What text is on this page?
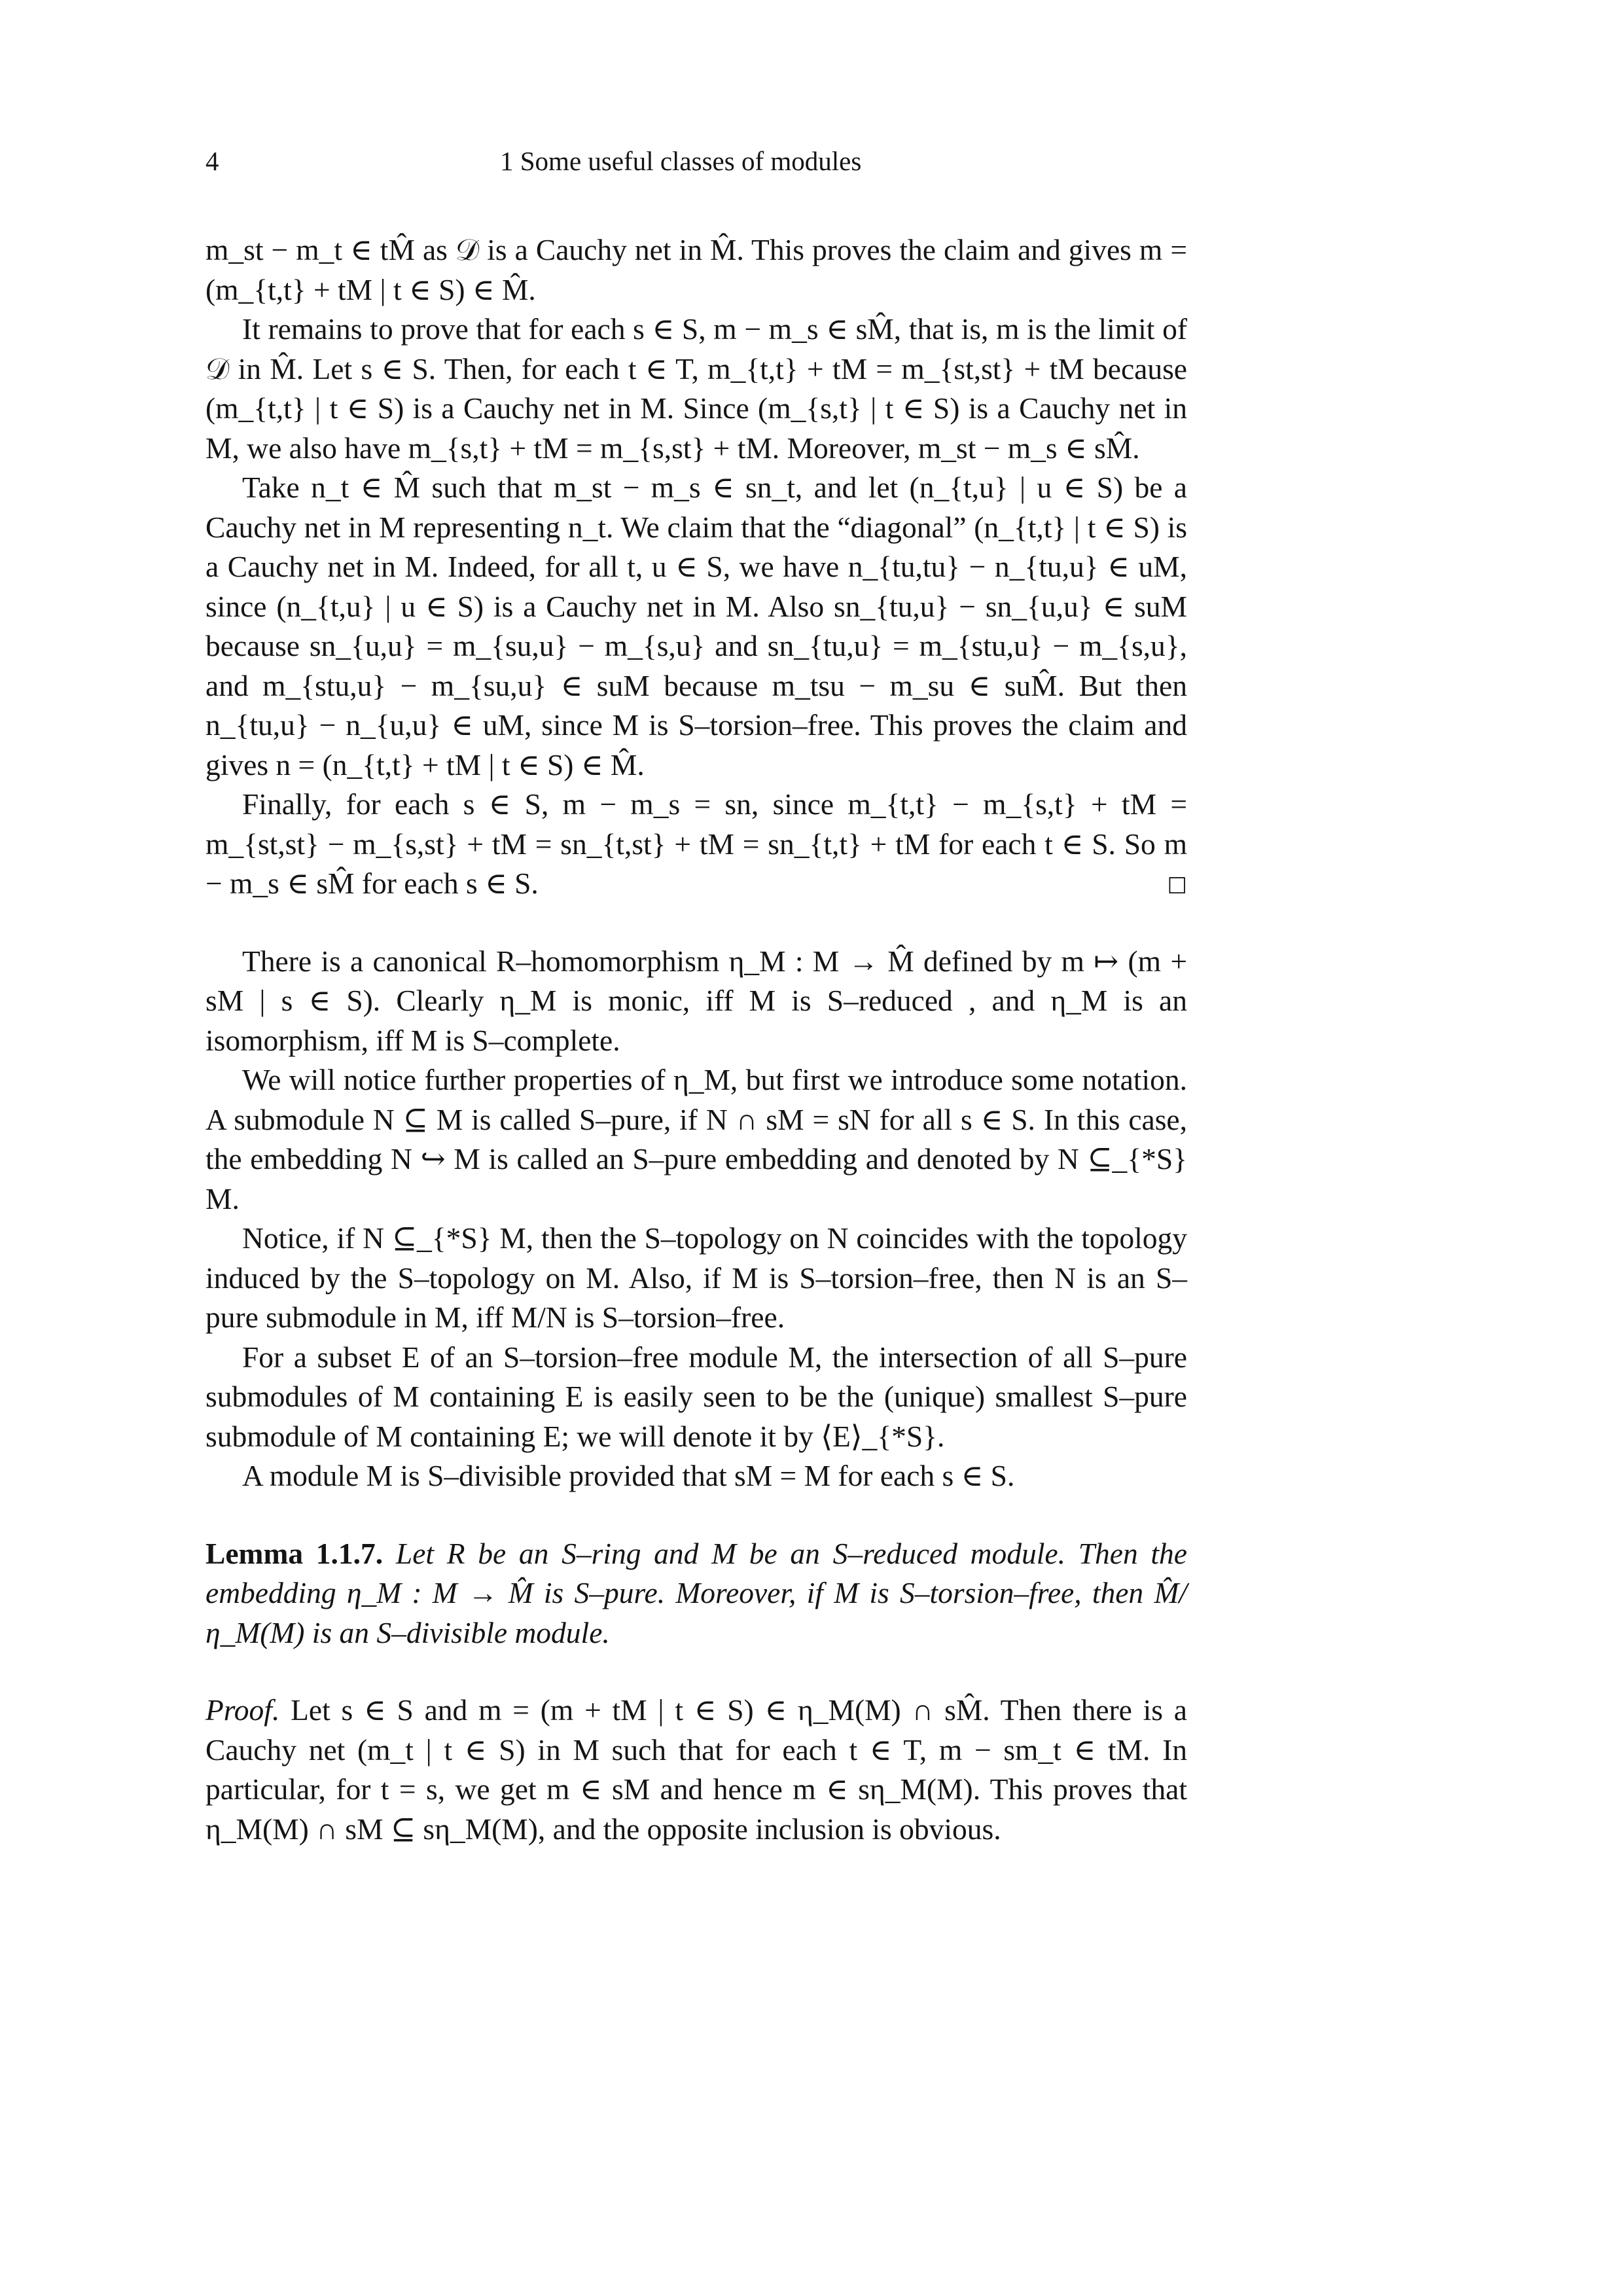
4	1 Some useful classes of modules

m_st − m_t ∈ tM̂ as 𝒟 is a Cauchy net in M̂. This proves the claim and gives m = (m_{t,t} + tM | t ∈ S) ∈ M̂.

It remains to prove that for each s ∈ S, m − m_s ∈ sM̂, that is, m is the limit of 𝒟 in M̂. Let s ∈ S. Then, for each t ∈ T, m_{t,t} + tM = m_{st,st} + tM because (m_{t,t} | t ∈ S) is a Cauchy net in M. Since (m_{s,t} | t ∈ S) is a Cauchy net in M, we also have m_{s,t} + tM = m_{s,st} + tM. Moreover, m_st − m_s ∈ sM̂.

Take n_t ∈ M̂ such that m_st − m_s ∈ sn_t, and let (n_{t,u} | u ∈ S) be a Cauchy net in M representing n_t. We claim that the “diagonal” (n_{t,t} | t ∈ S) is a Cauchy net in M. Indeed, for all t, u ∈ S, we have n_{tu,tu} − n_{tu,u} ∈ uM, since (n_{t,u} | u ∈ S) is a Cauchy net in M. Also sn_{tu,u} − sn_{u,u} ∈ suM because sn_{u,u} = m_{su,u} − m_{s,u} and sn_{tu,u} = m_{stu,u} − m_{s,u}, and m_{stu,u} − m_{su,u} ∈ suM because m_tsu − m_su ∈ suM̂. But then n_{tu,u} − n_{u,u} ∈ uM, since M is S–torsion–free. This proves the claim and gives n = (n_{t,t} + tM | t ∈ S) ∈ M̂.

Finally, for each s ∈ S, m − m_s = sn, since m_{t,t} − m_{s,t} + tM = m_{st,st} − m_{s,st} + tM = sn_{t,st} + tM = sn_{t,t} + tM for each t ∈ S. So m − m_s ∈ sM̂ for each s ∈ S.	☐

There is a canonical R–homomorphism η_M : M → M̂ defined by m ↦ (m + sM | s ∈ S). Clearly η_M is monic, iff M is S–reduced , and η_M is an isomorphism, iff M is S–complete.

We will notice further properties of η_M, but first we introduce some notation. A submodule N ⊆ M is called S–pure, if N ∩ sM = sN for all s ∈ S. In this case, the embedding N ↪ M is called an S–pure embedding and denoted by N ⊆_{*S} M.

Notice, if N ⊆_{*S} M, then the S–topology on N coincides with the topology induced by the S–topology on M. Also, if M is S–torsion–free, then N is an S–pure submodule in M, iff M/N is S–torsion–free.

For a subset E of an S–torsion–free module M, the intersection of all S–pure submodules of M containing E is easily seen to be the (unique) smallest S–pure submodule of M containing E; we will denote it by ⟨E⟩_{*S}.

A module M is S–divisible provided that sM = M for each s ∈ S.

Lemma 1.1.7. Let R be an S–ring and M be an S–reduced module. Then the embedding η_M : M → M̂ is S–pure. Moreover, if M is S–torsion–free, then M̂/η_M(M) is an S–divisible module.

Proof. Let s ∈ S and m = (m + tM | t ∈ S) ∈ η_M(M) ∩ sM̂. Then there is a Cauchy net (m_t | t ∈ S) in M such that for each t ∈ T, m − sm_t ∈ tM. In particular, for t = s, we get m ∈ sM and hence m ∈ sη_M(M). This proves that η_M(M) ∩ sM ⊆ sη_M(M), and the opposite inclusion is obvious.
